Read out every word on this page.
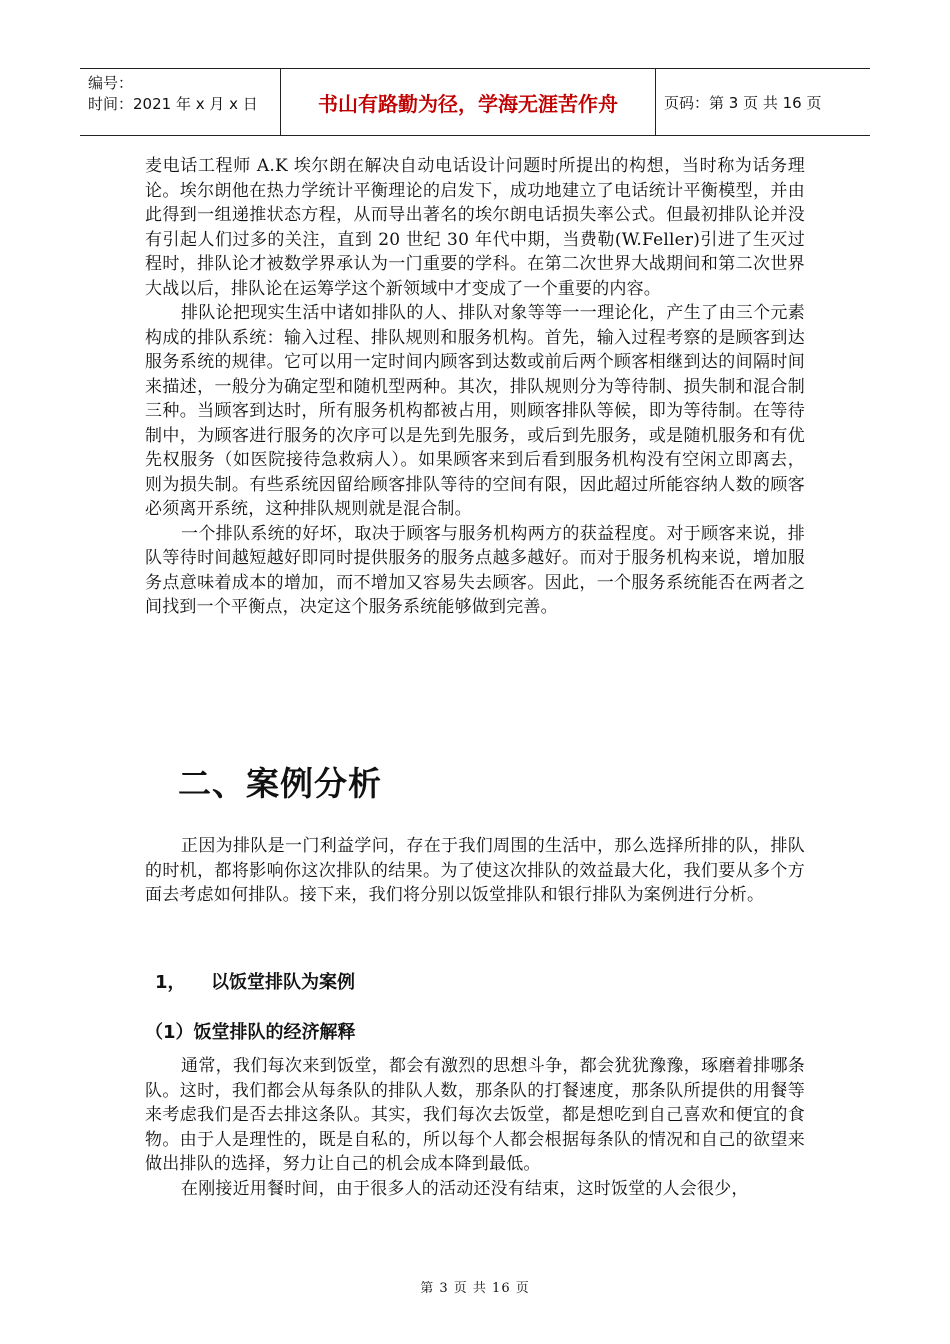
编号：
时间：2021 年 x 月 x 日	书山有路勤为径，学海无涯苦作舟	页码：第 3 页 共 16 页

麦电话工程师 A.K 埃尔朗在解决自动电话设计问题时所提出的构想，当时称为话务理论。埃尔朗他在热力学统计平衡理论的启发下，成功地建立了电话统计平衡模型，并由此得到一组递推状态方程，从而导出著名的埃尔朗电话损失率公式。但最初排队论并没有引起人们过多的关注，直到 20 世纪 30 年代中期，当费勒(W.Feller)引进了生灭过程时，排队论才被数学界承认为一门重要的学科。在第二次世界大战期间和第二次世界大战以后，排队论在运筹学这个新领域中才变成了一个重要的内容。

排队论把现实生活中诸如排队的人、排队对象等等一一理论化，产生了由三个元素构成的排队系统：输入过程、排队规则和服务机构。首先，输入过程考察的是顾客到达服务系统的规律。它可以用一定时间内顾客到达数或前后两个顾客相继到达的间隔时间来描述，一般分为确定型和随机型两种。其次，排队规则分为等待制、损失制和混合制三种。当顾客到达时，所有服务机构都被占用，则顾客排队等候，即为等待制。在等待制中，为顾客进行服务的次序可以是先到先服务，或后到先服务，或是随机服务和有优先权服务（如医院接待急救病人）。如果顾客来到后看到服务机构没有空闲立即离去，则为损失制。有些系统因留给顾客排队等待的空间有限，因此超过所能容纳人数的顾客必须离开系统，这种排队规则就是混合制。

一个排队系统的好坏，取决于顾客与服务机构两方的获益程度。对于顾客来说，排队等待时间越短越好即同时提供服务的服务点越多越好。而对于服务机构来说，增加服务点意味着成本的增加，而不增加又容易失去顾客。因此，一个服务系统能否在两者之间找到一个平衡点，决定这个服务系统能够做到完善。

二、案例分析

正因为排队是一门利益学问，存在于我们周围的生活中，那么选择所排的队，排队的时机，都将影响你这次排队的结果。为了使这次排队的效益最大化，我们要从多个方面去考虑如何排队。接下来，我们将分别以饭堂排队和银行排队为案例进行分析。

1， 以饭堂排队为案例
（1）饭堂排队的经济解释

通常，我们每次来到饭堂，都会有激烈的思想斗争，都会犹犹豫豫，琢磨着排哪条队。这时，我们都会从每条队的排队人数，那条队的打餐速度，那条队所提供的用餐等来考虑我们是否去排这条队。其实，我们每次去饭堂，都是想吃到自己喜欢和便宜的食物。由于人是理性的，既是自私的，所以每个人都会根据每条队的情况和自己的欲望来做出排队的选择，努力让自己的机会成本降到最低。

在刚接近用餐时间，由于很多人的活动还没有结束，这时饭堂的人会很少，

第 3 页 共 16 页
